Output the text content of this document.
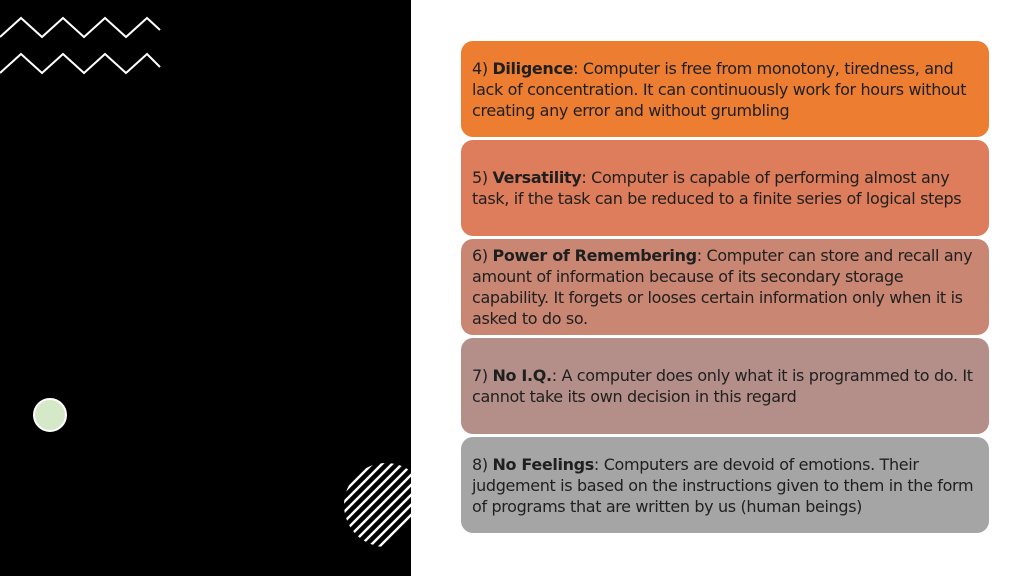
4) Diligence: Computer is free from monotony, tiredness, and lack of concentration. It can continuously work for hours without creating any error and without grumbling

5) Versatility: Computer is capable of performing almost any task, if the task can be reduced to a finite series of logical steps

6) Power of Remembering: Computer can store and recall any amount of information because of its secondary storage capability. It forgets or looses certain information only when it is asked to do so.

7) No I.Q.: A computer does only what it is programmed to do. It cannot take its own decision in this regard

8) No Feelings: Computers are devoid of emotions. Their judgement is based on the instructions given to them in the form of programs that are written by us (human beings)
